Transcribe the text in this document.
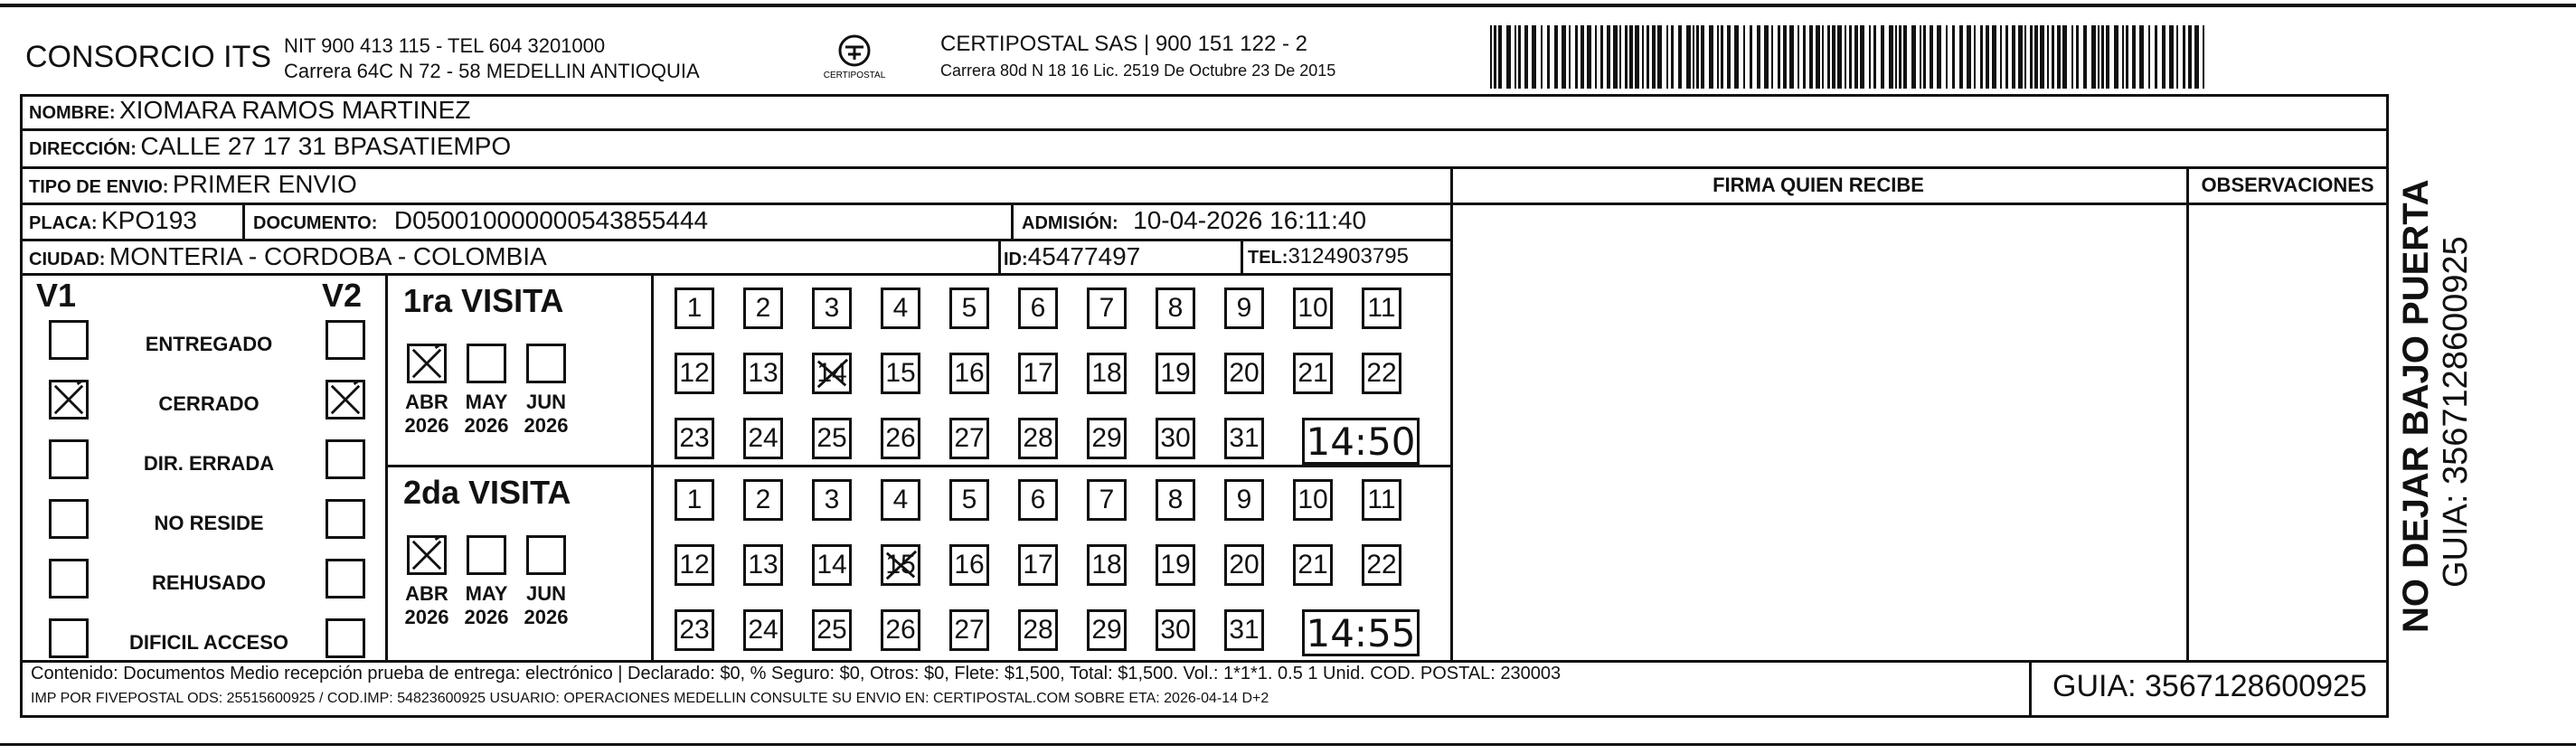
CONSORCIO ITS NIT 900 413 115 - TEL 604 3201000
Carrera 64C N 72 - 58 MEDELLIN ANTIOQUIA	CERTIPOSTAL
CERTIPOSTAL SAS | 900 151 122 - 2
Carrera 80d N 18 16 Lic. 2519 De Octubre 23 De 2015
NOMBRE: XIOMARA RAMOS MARTINEZ
DIRECCIÓN: CALLE 27 17 31 BPASATIEMPO
TIPO DE ENVIO: PRIMER ENVIO	FIRMA QUIEN RECIBE	OBSERVACIONES
PLACA: KPO193	DOCUMENTO: D050010000000543855444	ADMISIÓN: 10-04-2026 16:11:40
CIUDAD: MONTERIA - CORDOBA - COLOMBIA	ID:45477497	TEL:3124903795
V1	V2
ENTREGADO
CERRADO
DIR. ERRADA
NO RESIDE
REHUSADO
DIFICIL ACCESO
1ra VISITA
ABR
2026
MAY
2026
JUN
2026
1	2	3	4	5	6	7	8	9	10 11
12 13 14 15 16 17 18 19 20 21 22
23 24 25 26 27 28 29 30 31 14:50
2da VISITA
ABR
2026
MAY
2026
JUN
2026
1	2	3	4	5	6	7	8	9	10 11
12 13 14 15 16 17 18 19 20 21 22
23 24 25 26 27 28 29 30 31 14:55
Contenido: Documentos Medio recepción prueba de entrega: electrónico | Declarado: $0, % Seguro: $0, Otros: $0, Flete: $1,500, Total: $1,500. Vol.: 1*1*1. 0.5 1 Unid. COD. POSTAL: 230003
IMP POR FIVEPOSTAL ODS: 25515600925 / COD.IMP: 54823600925 USUARIO: OPERACIONES MEDELLIN CONSULTE SU ENVIO EN: CERTIPOSTAL.COM SOBRE ETA: 2026-04-14 D+2	GUIA: 3567128600925
NO DEJAR BAJO PUERTA GUIA: 3567128600925
